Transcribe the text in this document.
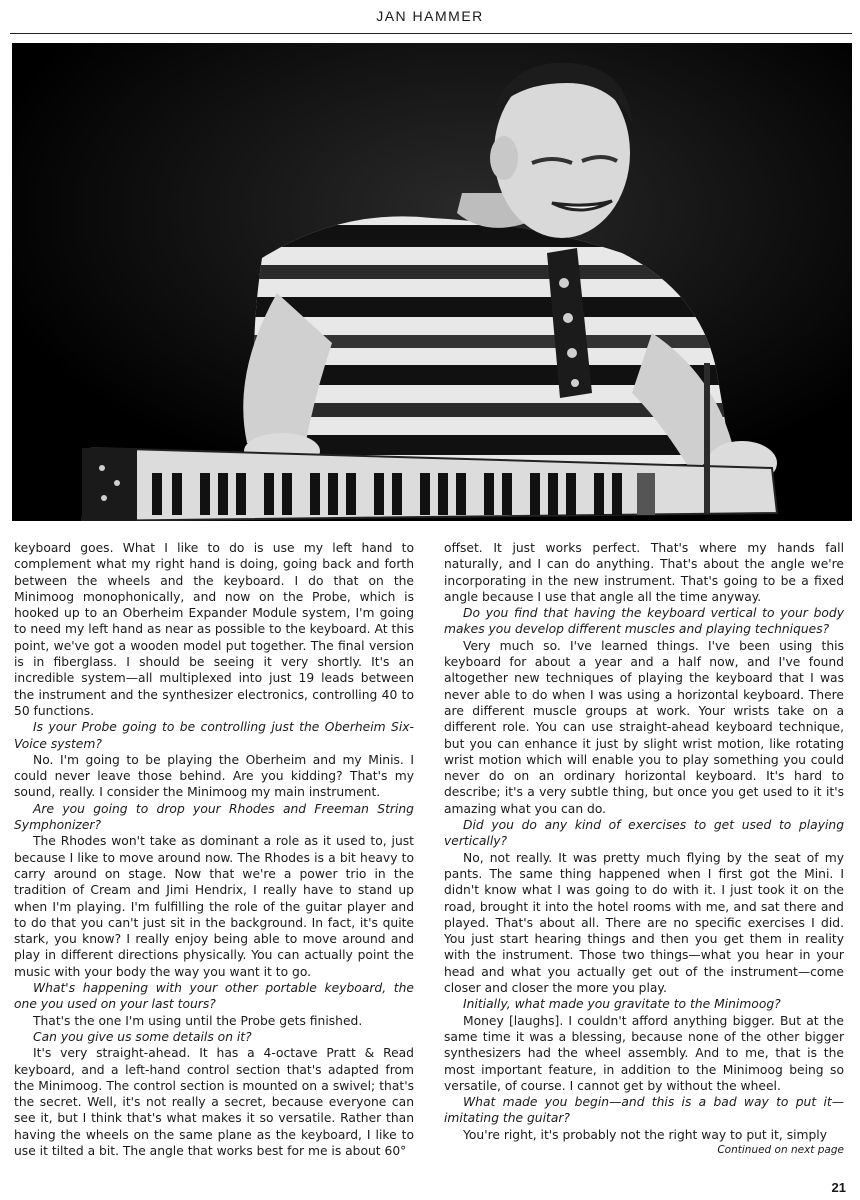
JAN HAMMER

keyboard goes. What I like to do is use my left hand to complement what my right hand is doing, going back and forth between the wheels and the keyboard. I do that on the Minimoog monophonically, and now on the Probe, which is hooked up to an Oberheim Expander Module system, I'm going to need my left hand as near as possible to the keyboard. At this point, we've got a wooden model put together. The final version is in fiberglass. I should be seeing it very shortly. It's an incredible system—all multiplexed into just 19 leads between the instrument and the synthesizer electronics, controlling 40 to 50 functions.

Is your Probe going to be controlling just the Oberheim Six-Voice system?

No. I'm going to be playing the Oberheim and my Minis. I could never leave those behind. Are you kidding? That's my sound, really. I consider the Minimoog my main instrument.

Are you going to drop your Rhodes and Freeman String Symphonizer?

The Rhodes won't take as dominant a role as it used to, just because I like to move around now. The Rhodes is a bit heavy to carry around on stage. Now that we're a power trio in the tradition of Cream and Jimi Hendrix, I really have to stand up when I'm playing. I'm fulfilling the role of the guitar player and to do that you can't just sit in the background. In fact, it's quite stark, you know? I really enjoy being able to move around and play in different directions physically. You can actually point the music with your body the way you want it to go.

What's happening with your other portable keyboard, the one you used on your last tours?

That's the one I'm using until the Probe gets finished.

Can you give us some details on it?

It's very straight-ahead. It has a 4-octave Pratt & Read keyboard, and a left-hand control section that's adapted from the Minimoog. The control section is mounted on a swivel; that's the secret. Well, it's not really a secret, because everyone can see it, but I think that's what makes it so versatile. Rather than having the wheels on the same plane as the keyboard, I like to use it tilted a bit. The angle that works best for me is about 60°

offset. It just works perfect. That's where my hands fall naturally, and I can do anything. That's about the angle we're incorporating in the new instrument. That's going to be a fixed angle because I use that angle all the time anyway.

Do you find that having the keyboard vertical to your body makes you develop different muscles and playing techniques?

Very much so. I've learned things. I've been using this keyboard for about a year and a half now, and I've found altogether new techniques of playing the keyboard that I was never able to do when I was using a horizontal keyboard. There are different muscle groups at work. Your wrists take on a different role. You can use straight-ahead keyboard technique, but you can enhance it just by slight wrist motion, like rotating wrist motion which will enable you to play something you could never do on an ordinary horizontal keyboard. It's hard to describe; it's a very subtle thing, but once you get used to it it's amazing what you can do.

Did you do any kind of exercises to get used to playing vertically?

No, not really. It was pretty much flying by the seat of my pants. The same thing happened when I first got the Mini. I didn't know what I was going to do with it. I just took it on the road, brought it into the hotel rooms with me, and sat there and played. That's about all. There are no specific exercises I did. You just start hearing things and then you get them in reality with the instrument. Those two things—what you hear in your head and what you actually get out of the instrument—come closer and closer the more you play.

Initially, what made you gravitate to the Minimoog?

Money [laughs]. I couldn't afford anything bigger. But at the same time it was a blessing, because none of the other bigger synthesizers had the wheel assembly. And to me, that is the most important feature, in addition to the Minimoog being so versatile, of course. I cannot get by without the wheel.

What made you begin—and this is a bad way to put it—imitating the guitar?

You're right, it's probably not the right way to put it, simply

Continued on next page

21
